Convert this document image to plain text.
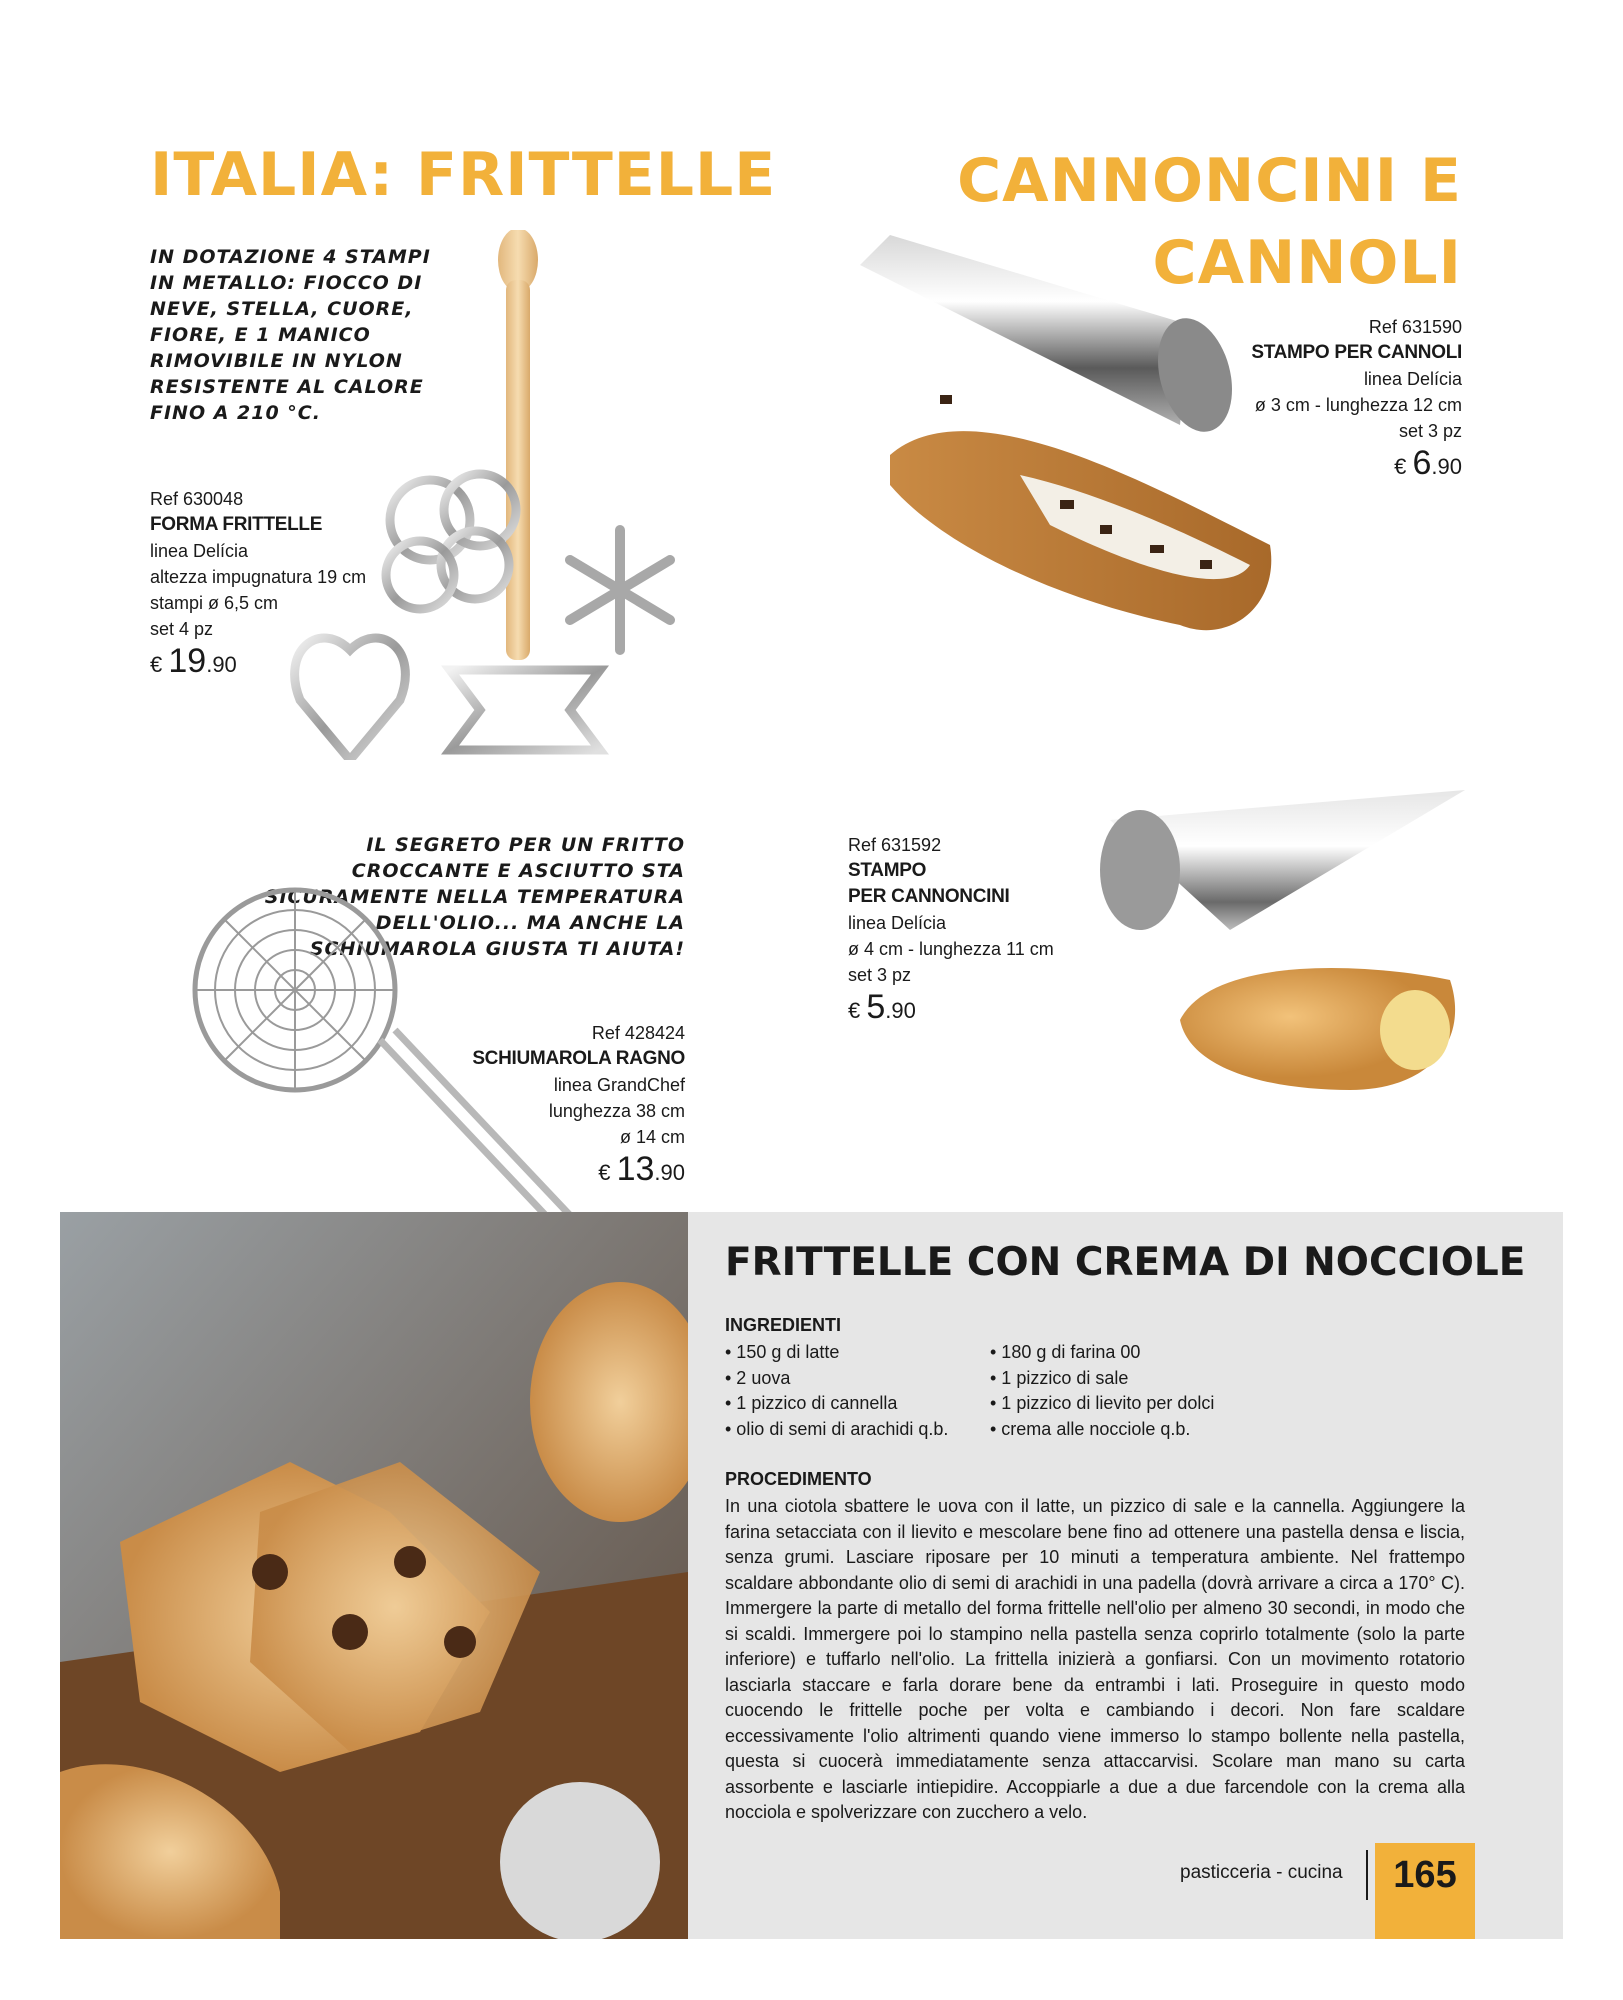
ITALIA: FRITTELLE	CANNONCINI E
CANNOLI
IN DOTAZIONE 4 STAMPI IN METALLO: FIOCCO DI NEVE, STELLA, CUORE, FIORE, E 1 MANICO RIMOVIBILE IN NYLON RESISTENTE AL CALORE FINO A 210 °C.
Ref 630048
FORMA FRITTELLE
linea Delícia
altezza impugnatura 19 cm
stampi ø 6,5 cm
set 4 pz
€ 19.90
Ref 631590
STAMPO PER CANNOLI
linea Delícia
ø 3 cm - lunghezza 12 cm
set 3 pz
€ 6.90
IL SEGRETO PER UN FRITTO CROCCANTE E ASCIUTTO STA SICURAMENTE NELLA TEMPERATURA DELL'OLIO... MA ANCHE LA SCHIUMAROLA GIUSTA TI AIUTA!
Ref 428424
SCHIUMAROLA RAGNO
linea GrandChef
lunghezza 38 cm
ø 14 cm
€ 13.90
Ref 631592
STAMPO
PER CANNONCINI
linea Delícia
ø 4 cm - lunghezza 11 cm
set 3 pz
€ 5.90
FRITTELLE CON CREMA DI NOCCIOLE
INGREDIENTI
• 150 g di latte
• 2 uova
• 1 pizzico di cannella
• olio di semi di arachidi q.b.
• 180 g di farina 00
• 1 pizzico di sale
• 1 pizzico di lievito per dolci
• crema alle nocciole q.b.
PROCEDIMENTO
In una ciotola sbattere le uova con il latte, un pizzico di sale e la cannella. Aggiungere la farina setacciata con il lievito e mescolare bene fino ad ottenere una pastella densa e liscia, senza grumi. Lasciare riposare per 10 minuti a temperatura ambiente. Nel frattempo scaldare abbondante olio di semi di arachidi in una padella (dovrà arrivare a circa a 170° C). Immergere la parte di metallo del forma frittelle nell'olio per almeno 30 secondi, in modo che si scaldi. Immergere poi lo stampino nella pastella senza coprirlo totalmente (solo la parte inferiore) e tuffarlo nell'olio. La frittella inizierà a gonfiarsi. Con un movimento rotatorio lasciarla staccare e farla dorare bene da entrambi i lati. Proseguire in questo modo cuocendo le frittelle poche per volta e cambiando i decori. Non fare scaldare eccessivamente l'olio altrimenti quando viene immerso lo stampo bollente nella pastella, questa si cuocerà immediatamente senza attaccarvisi. Scolare man mano su carta assorbente e lasciarle intiepidire. Accoppiarle a due a due farcendole con la crema alla nocciola e spolverizzare con zucchero a velo.
pasticceria - cucina	165
